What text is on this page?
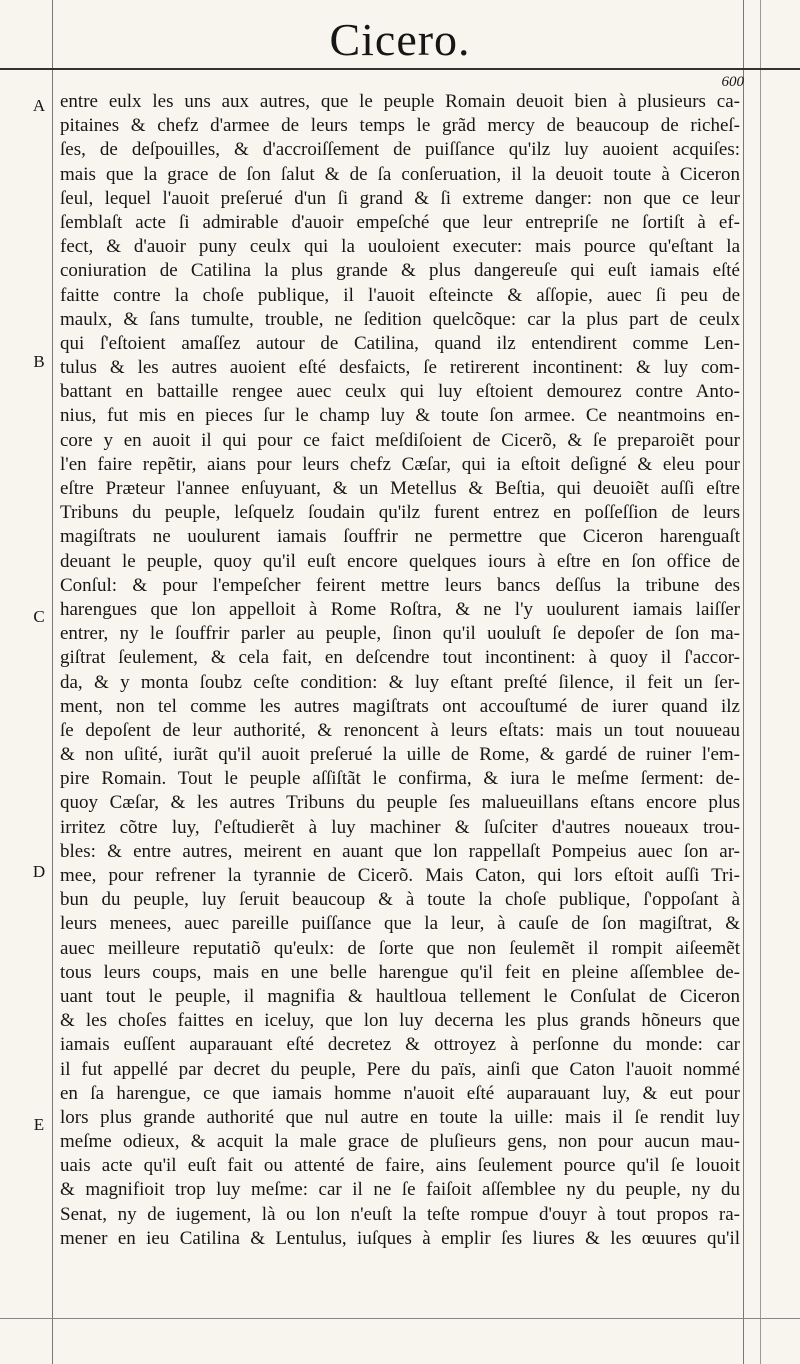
Cicero.
600
A
B
C
D
E
entre eulx les uns aux autres, que le peuple Romain deuoit bien à plusieurs ca-
pitaines & chefz d'armee de leurs temps le grãd mercy de beaucoup de richeſ-
ſes, de deſpouilles, & d'accroiſſement de puiſſance qu'ilz luy auoient acquiſes:
mais que la grace de ſon ſalut & de ſa conſeruation, il la deuoit toute à Ciceron
ſeul, lequel l'auoit preſerué d'un ſi grand & ſi extreme danger: non que ce leur
ſemblaſt acte ſi admirable d'auoir empeſché que leur entrepriſe ne ſortiſt à ef-
fect, & d'auoir puny ceulx qui la uouloient executer: mais pource qu'eſtant la
coniuration de Catilina la plus grande & plus dangereuſe qui euſt iamais eſté
faitte contre la choſe publique, il l'auoit eſteincte & aſſopie, auec ſi peu de
maulx, & ſans tumulte, trouble, ne ſedition quelcõque: car la plus part de ceulx
qui ſ'eſtoient amaſſez autour de Catilina, quand ilz entendirent comme Len-
tulus & les autres auoient eſté desfaicts, ſe retirerent incontinent: & luy com-
battant en battaille rengee auec ceulx qui luy eſtoient demourez contre Anto-
nius, fut mis en pieces ſur le champ luy & toute ſon armee. Ce neantmoins en-
core y en auoit il qui pour ce faict meſdiſoient de Cicerõ, & ſe preparoiẽt pour
l'en faire repẽtir, aians pour leurs chefz Cæſar, qui ia eſtoit deſigné & eleu pour
eſtre Præteur l'annee enſuyuant, & un Metellus & Beſtia, qui deuoiẽt auſſi eſtre
Tribuns du peuple, leſquelz ſoudain qu'ilz furent entrez en poſſeſſion de leurs
magiſtrats ne uoulurent iamais ſouffrir ne permettre que Ciceron harenguaſt
deuant le peuple, quoy qu'il euſt encore quelques iours à eſtre en ſon office de
Conſul: & pour l'empeſcher feirent mettre leurs bancs deſſus la tribune des
harengues que lon appelloit à Rome Roſtra, & ne l'y uoulurent iamais laiſſer
entrer, ny le ſouffrir parler au peuple, ſinon qu'il uouluſt ſe depoſer de ſon ma-
giſtrat ſeulement, & cela fait, en deſcendre tout incontinent: à quoy il ſ'accor-
da, & y monta ſoubz ceſte condition: & luy eſtant preſté ſilence, il feit un ſer-
ment, non tel comme les autres magiſtrats ont accouſtumé de iurer quand ilz
ſe depoſent de leur authorité, & renoncent à leurs eſtats: mais un tout nouueau
& non uſité, iurãt qu'il auoit preſerué la uille de Rome, & gardé de ruiner l'em-
pire Romain. Tout le peuple aſſiſtãt le confirma, & iura le meſme ſerment: de-
quoy Cæſar, & les autres Tribuns du peuple ſes malueuillans eſtans encore plus
irritez cõtre luy, ſ'eſtudierẽt à luy machiner & ſuſciter d'autres noueaux trou-
bles: & entre autres, meirent en auant que lon rappellaſt Pompeius auec ſon ar-
mee, pour refrener la tyrannie de Cicerõ. Mais Caton, qui lors eſtoit auſſi Tri-
bun du peuple, luy ſeruit beaucoup & à toute la choſe publique, ſ'oppoſant à
leurs menees, auec pareille puiſſance que la leur, à cauſe de ſon magiſtrat, &
auec meilleure reputatiõ qu'eulx: de ſorte que non ſeulemẽt il rompit aiſeemẽt
tous leurs coups, mais en une belle harengue qu'il feit en pleine aſſemblee de-
uant tout le peuple, il magnifia & haultloua tellement le Conſulat de Ciceron
& les choſes faittes en iceluy, que lon luy decerna les plus grands hõneurs que
iamais euſſent auparauant eſté decretez & ottroyez à perſonne du monde: car
il fut appellé par decret du peuple, Pere du païs, ainſi que Caton l'auoit nommé
en ſa harengue, ce que iamais homme n'auoit eſté auparauant luy, & eut pour
lors plus grande authorité que nul autre en toute la uille: mais il ſe rendit luy
meſme odieux, & acquit la male grace de pluſieurs gens, non pour aucun mau-
uais acte qu'il euſt fait ou attenté de faire, ains ſeulement pource qu'il ſe louoit
& magnifioit trop luy meſme: car il ne ſe faiſoit aſſemblee ny du peuple, ny du
Senat, ny de iugement, là ou lon n'euſt la teſte rompue d'ouyr à tout propos ra-
mener en ieu Catilina & Lentulus, iuſques à emplir ſes liures & les œuures qu'il
